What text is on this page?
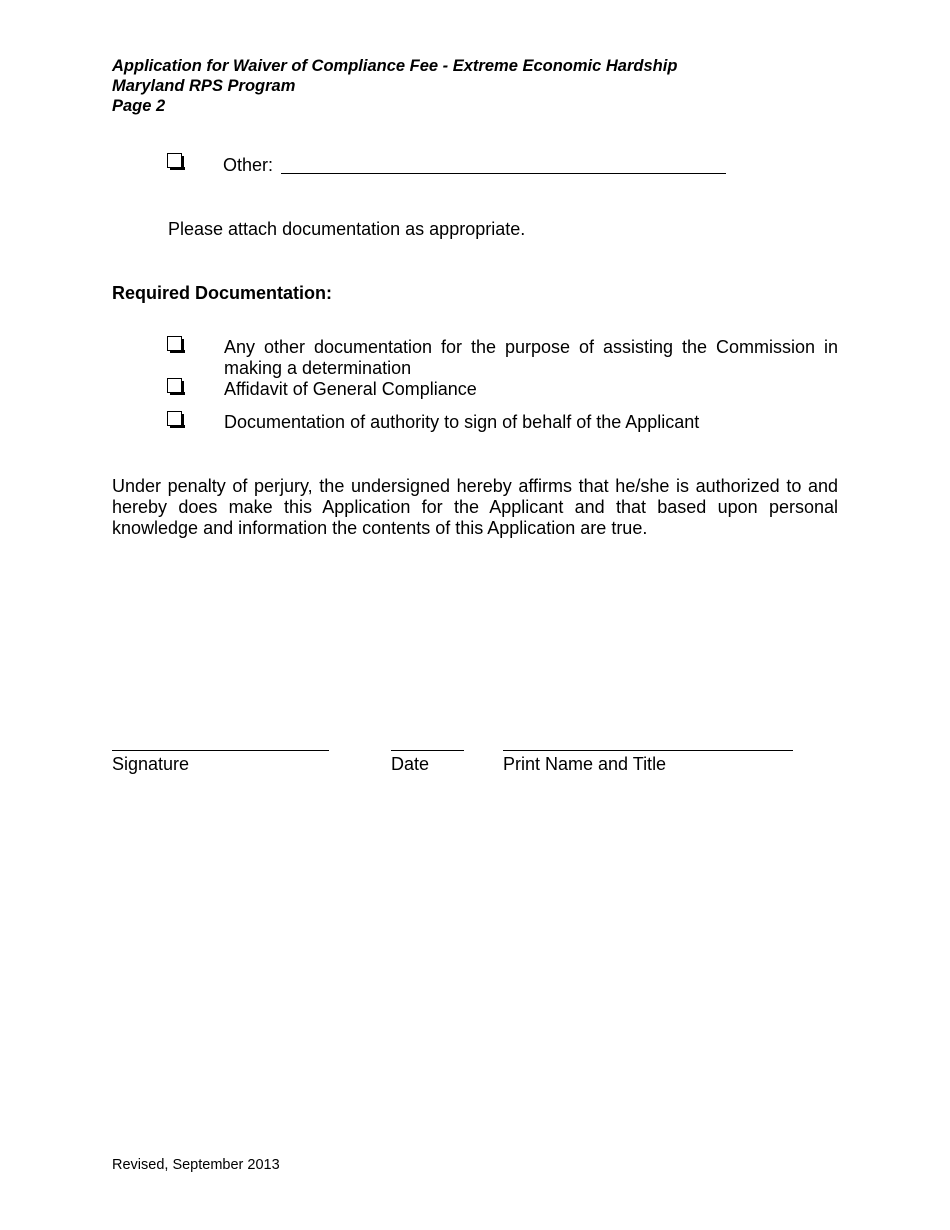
Application for Waiver of Compliance Fee - Extreme Economic Hardship
Maryland RPS Program
Page 2
Other:
Please attach documentation as appropriate.
Required Documentation:
Any other documentation for the purpose of assisting the Commission in
making a determination
Affidavit of General Compliance
Documentation of authority to sign of behalf of the Applicant
Under penalty of perjury, the undersigned hereby affirms that he/she is authorized to and hereby does make this Application for the Applicant and that based upon personal knowledge and information the contents of this Application are true.
Signature	Date	Print Name and Title
Revised, September 2013
